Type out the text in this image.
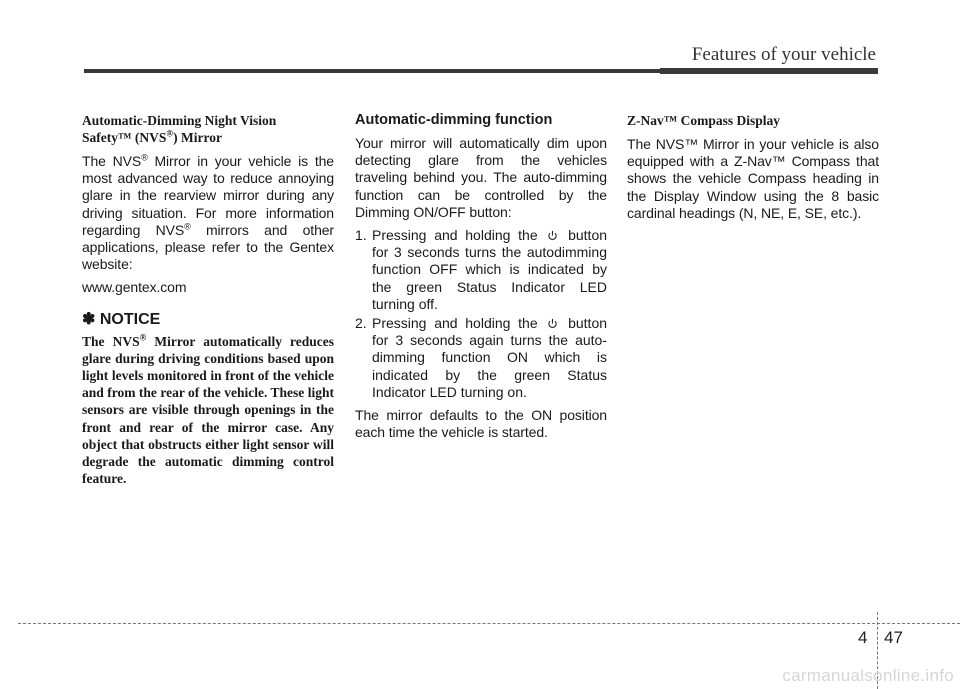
Features of your vehicle
Automatic-Dimming Night Vision
Safety™ (NVS®) Mirror

The NVS® Mirror in your vehicle is the most advanced way to reduce annoying glare in the rearview mirror during any driving situation. For more information regarding NVS® mirrors and other applications, please refer to the Gentex website:

www.gentex.com

✽ NOTICE

The NVS® Mirror automatically reduces glare during driving conditions based upon light levels monitored in front of the vehicle and from the rear of the vehicle. These light sensors are visible through openings in the front and rear of the mirror case. Any object that obstructs either light sensor will degrade the automatic dimming control feature.

Automatic-dimming function

Your mirror will automatically dim upon detecting glare from the vehicles traveling behind you. The auto-dimming function can be controlled by the Dimming ON/OFF button:

1. Pressing and holding the button for 3 seconds turns the autodimming function OFF which is indicated by the green Status Indicator LED turning off.
2. Pressing and holding the button for 3 seconds again turns the auto-dimming function ON which is indicated by the green Status Indicator LED turning on.

The mirror defaults to the ON position each time the vehicle is started.

Z-Nav™ Compass Display

The NVS™ Mirror in your vehicle is also equipped with a Z-Nav™ Compass that shows the vehicle Compass heading in the Display Window using the 8 basic cardinal headings (N, NE, E, SE, etc.).

4 47
carmanualsonline.info
